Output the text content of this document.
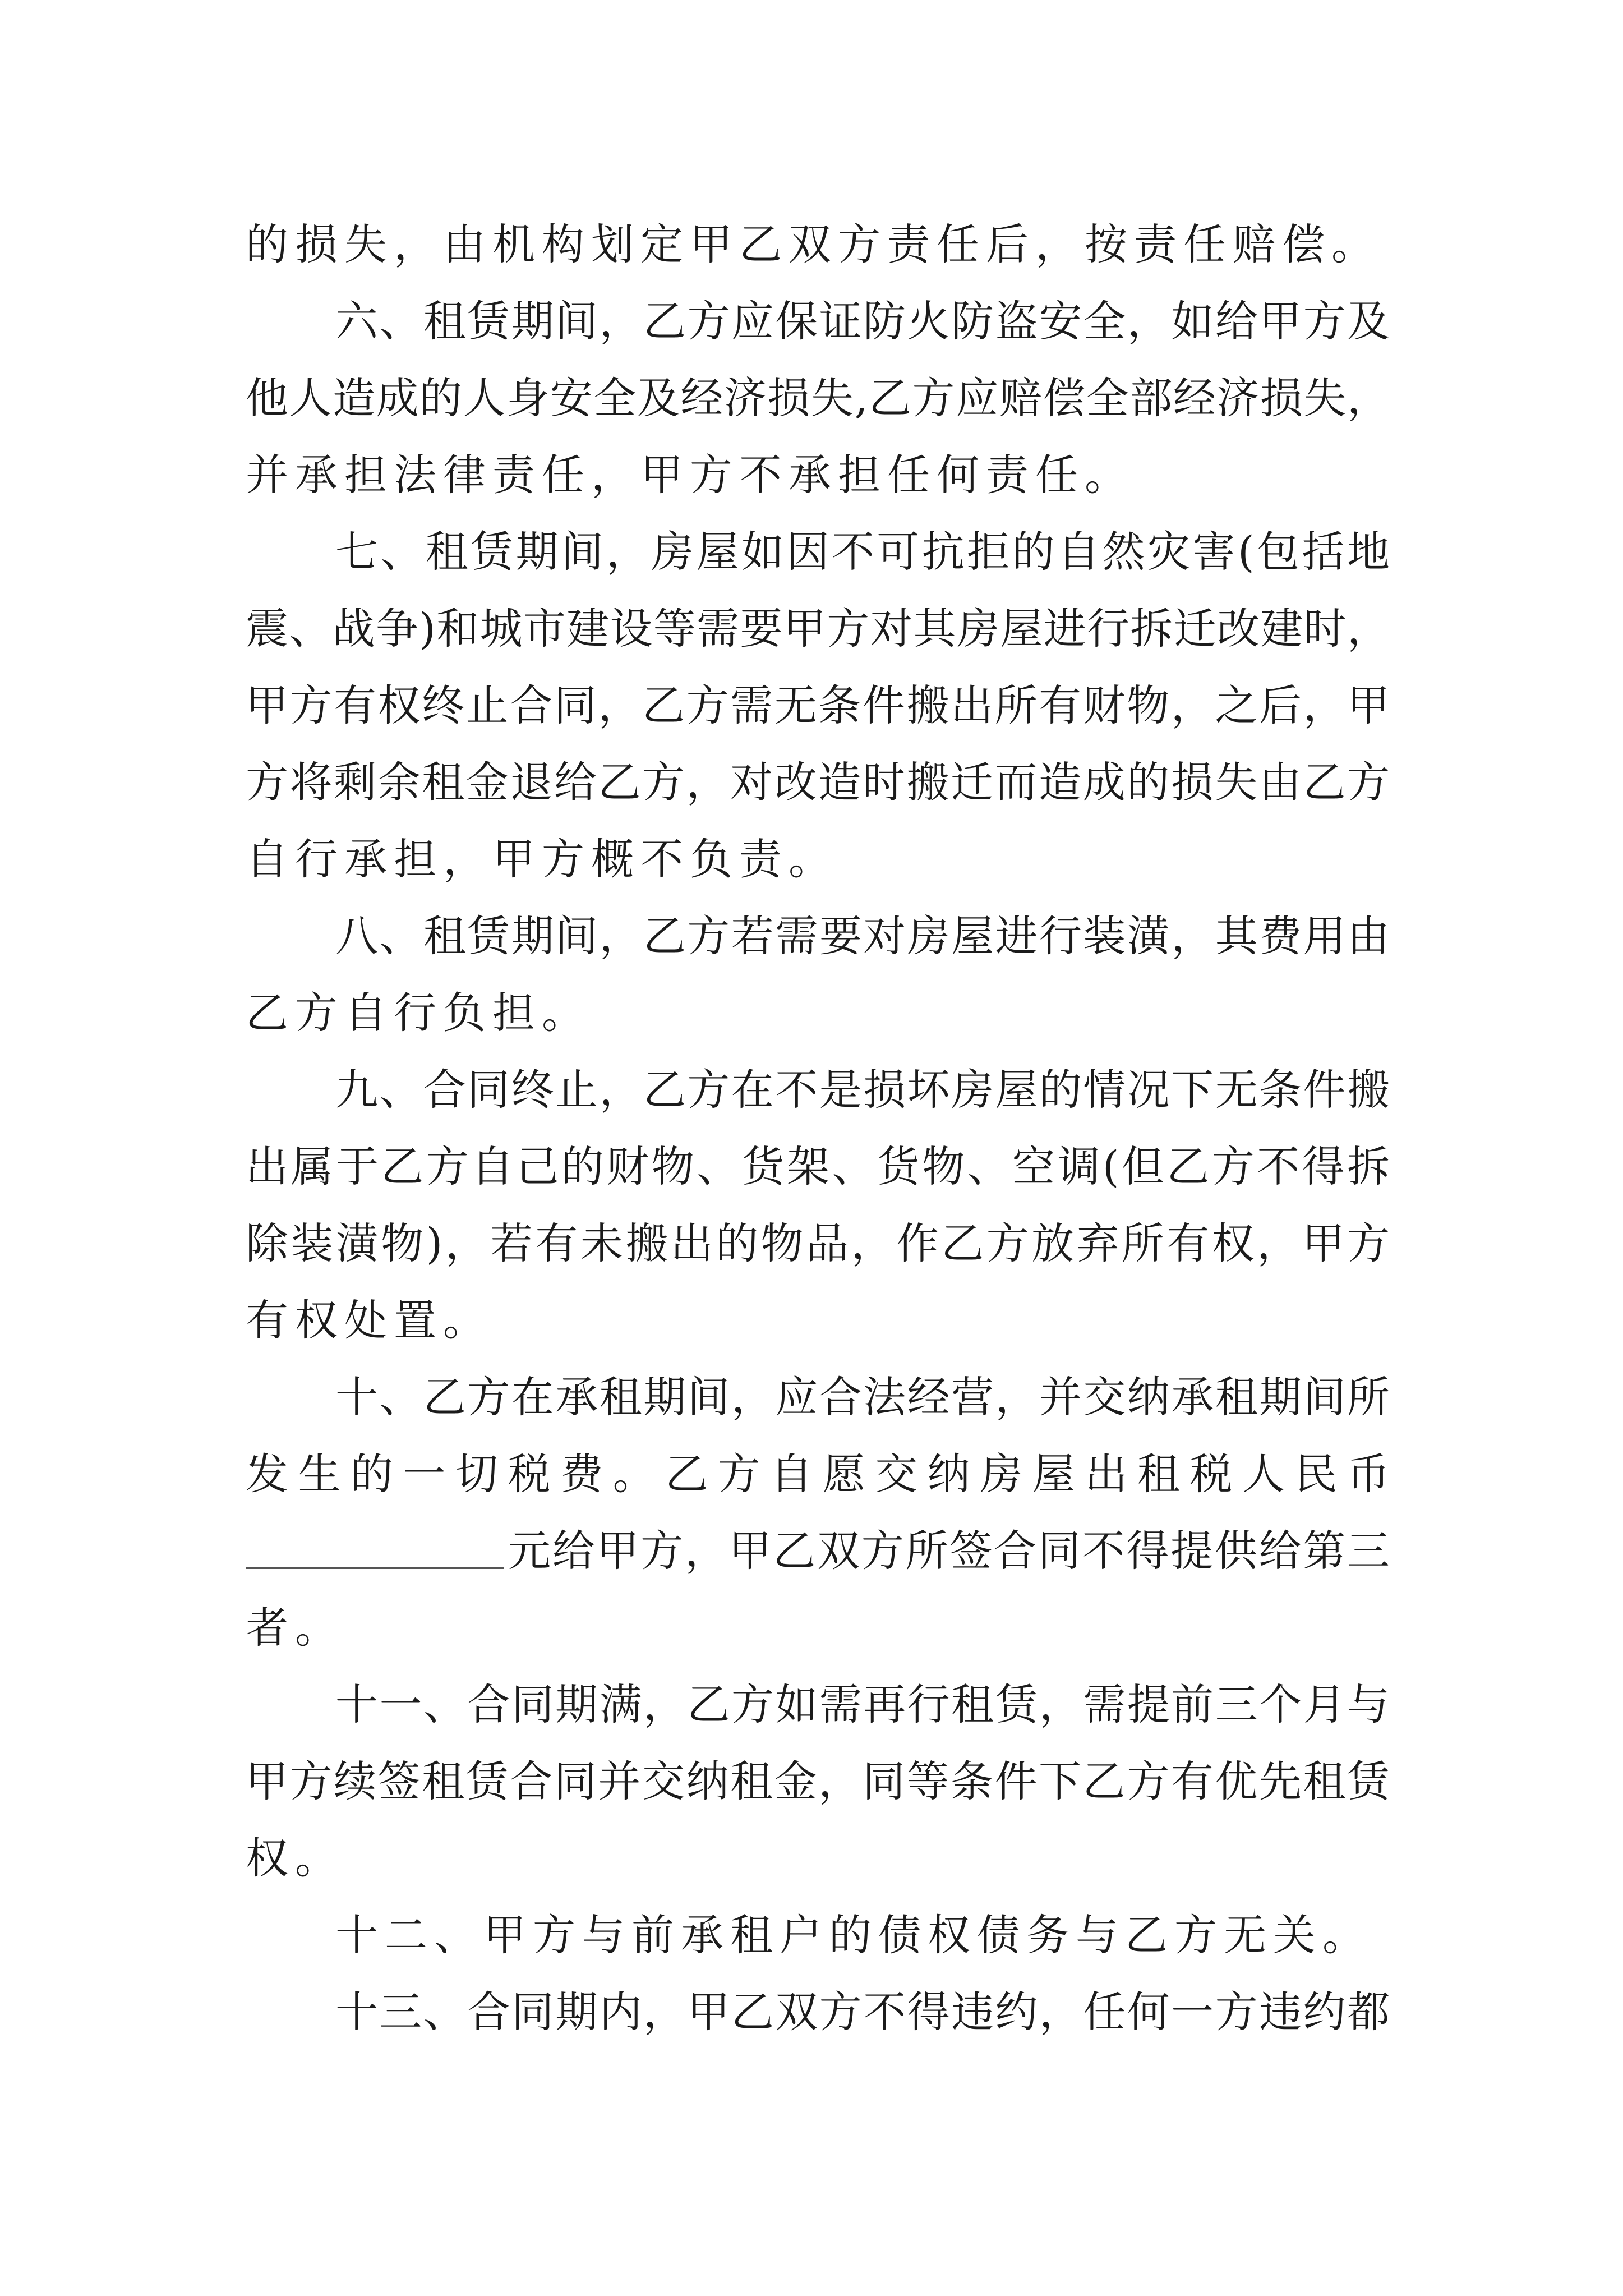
的损失，由机构划定甲乙双方责任后，按责任赔偿。
六、租赁期间，乙方应保证防火防盗安全，如给甲方及
他人造成的人身安全及经济损失,乙方应赔偿全部经济损失，
并承担法律责任，甲方不承担任何责任。
七、租赁期间，房屋如因不可抗拒的自然灾害(包括地
震、战争)和城市建设等需要甲方对其房屋进行拆迁改建时，
甲方有权终止合同，乙方需无条件搬出所有财物，之后，甲
方将剩余租金退给乙方，对改造时搬迁而造成的损失由乙方
自行承担，甲方概不负责。
八、租赁期间，乙方若需要对房屋进行装潢，其费用由
乙方自行负担。
九、合同终止，乙方在不是损坏房屋的情况下无条件搬
出属于乙方自己的财物、货架、货物、空调(但乙方不得拆
除装潢物)，若有未搬出的物品，作乙方放弃所有权，甲方
有权处置。
十、乙方在承租期间，应合法经营，并交纳承租期间所
发生的一切税费。乙方自愿交纳房屋出租税人民币
元给甲方，甲乙双方所签合同不得提供给第三
者。
十一、合同期满，乙方如需再行租赁，需提前三个月与
甲方续签租赁合同并交纳租金，同等条件下乙方有优先租赁
权。
十二、甲方与前承租户的债权债务与乙方无关。
十三、合同期内，甲乙双方不得违约，任何一方违约都
